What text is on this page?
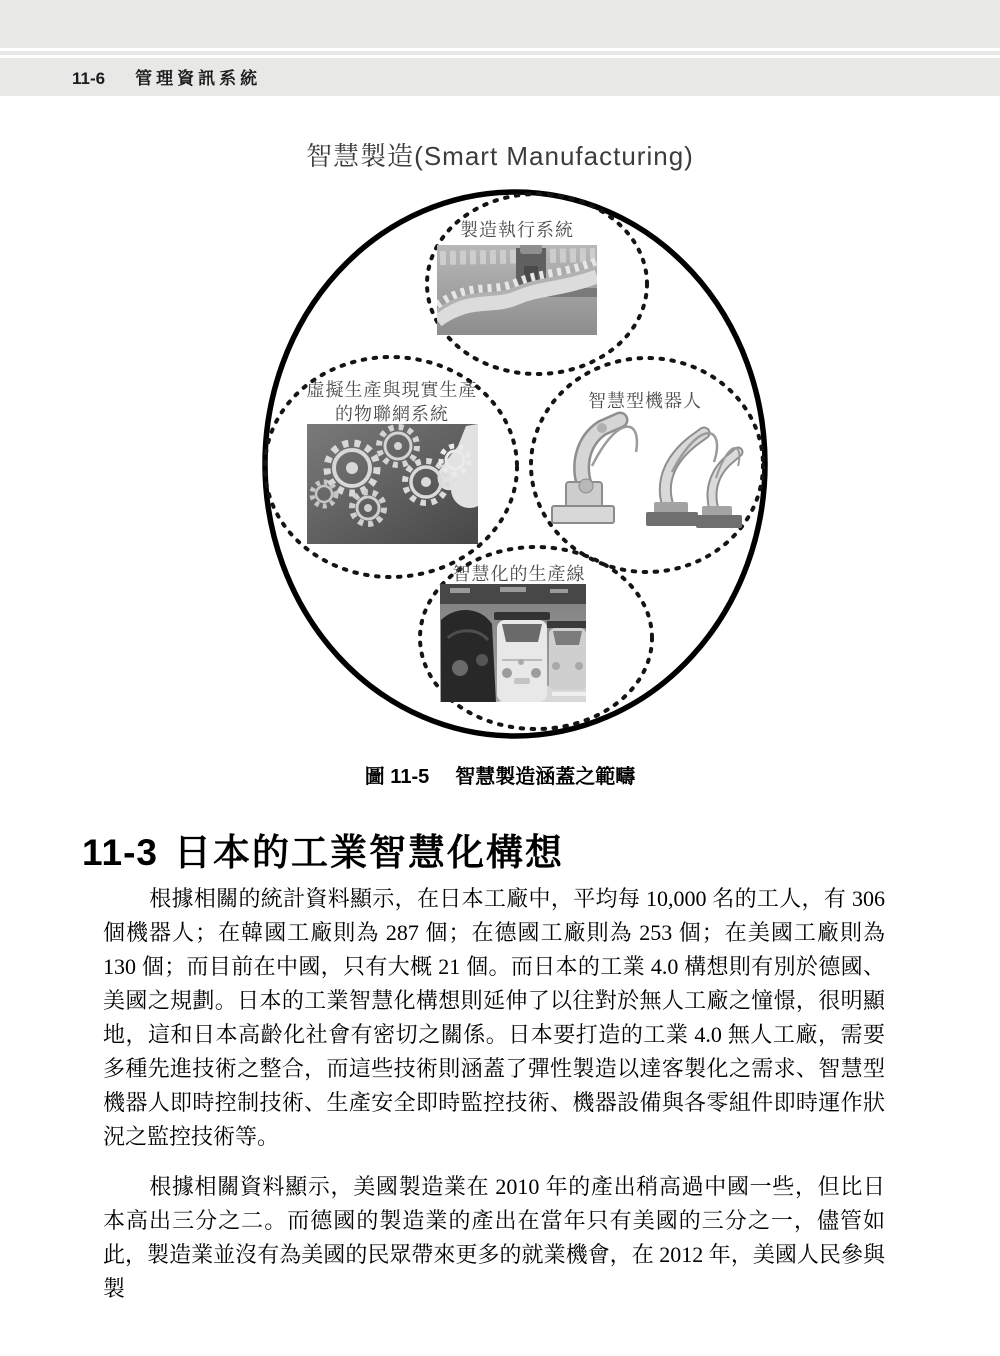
11-6 管理資訊系統
智慧製造(Smart Manufacturing)
製造執行系統
虛擬生產與現實生產
的物聯網系統
智慧型機器人
智慧化的生產線
圖 11-5 智慧製造涵蓋之範疇
11-3 日本的工業智慧化構想

根據相關的統計資料顯示，在日本工廠中，平均每 10,000 名的工人，有 306 個機器人；在韓國工廠則為 287 個；在德國工廠則為 253 個；在美國工廠則為 130 個；而目前在中國，只有大概 21 個。而日本的工業 4.0 構想則有別於德國、美國之規劃。日本的工業智慧化構想則延伸了以往對於無人工廠之憧憬，很明顯地，這和日本高齡化社會有密切之關係。日本要打造的工業 4.0 無人工廠，需要多種先進技術之整合，而這些技術則涵蓋了彈性製造以達客製化之需求、智慧型機器人即時控制技術、生產安全即時監控技術、機器設備與各零組件即時運作狀況之監控技術等。

根據相關資料顯示，美國製造業在 2010 年的產出稍高過中國一些，但比日本高出三分之二。而德國的製造業的產出在當年只有美國的三分之一，儘管如此，製造業並沒有為美國的民眾帶來更多的就業機會，在 2012 年，美國人民參與製
